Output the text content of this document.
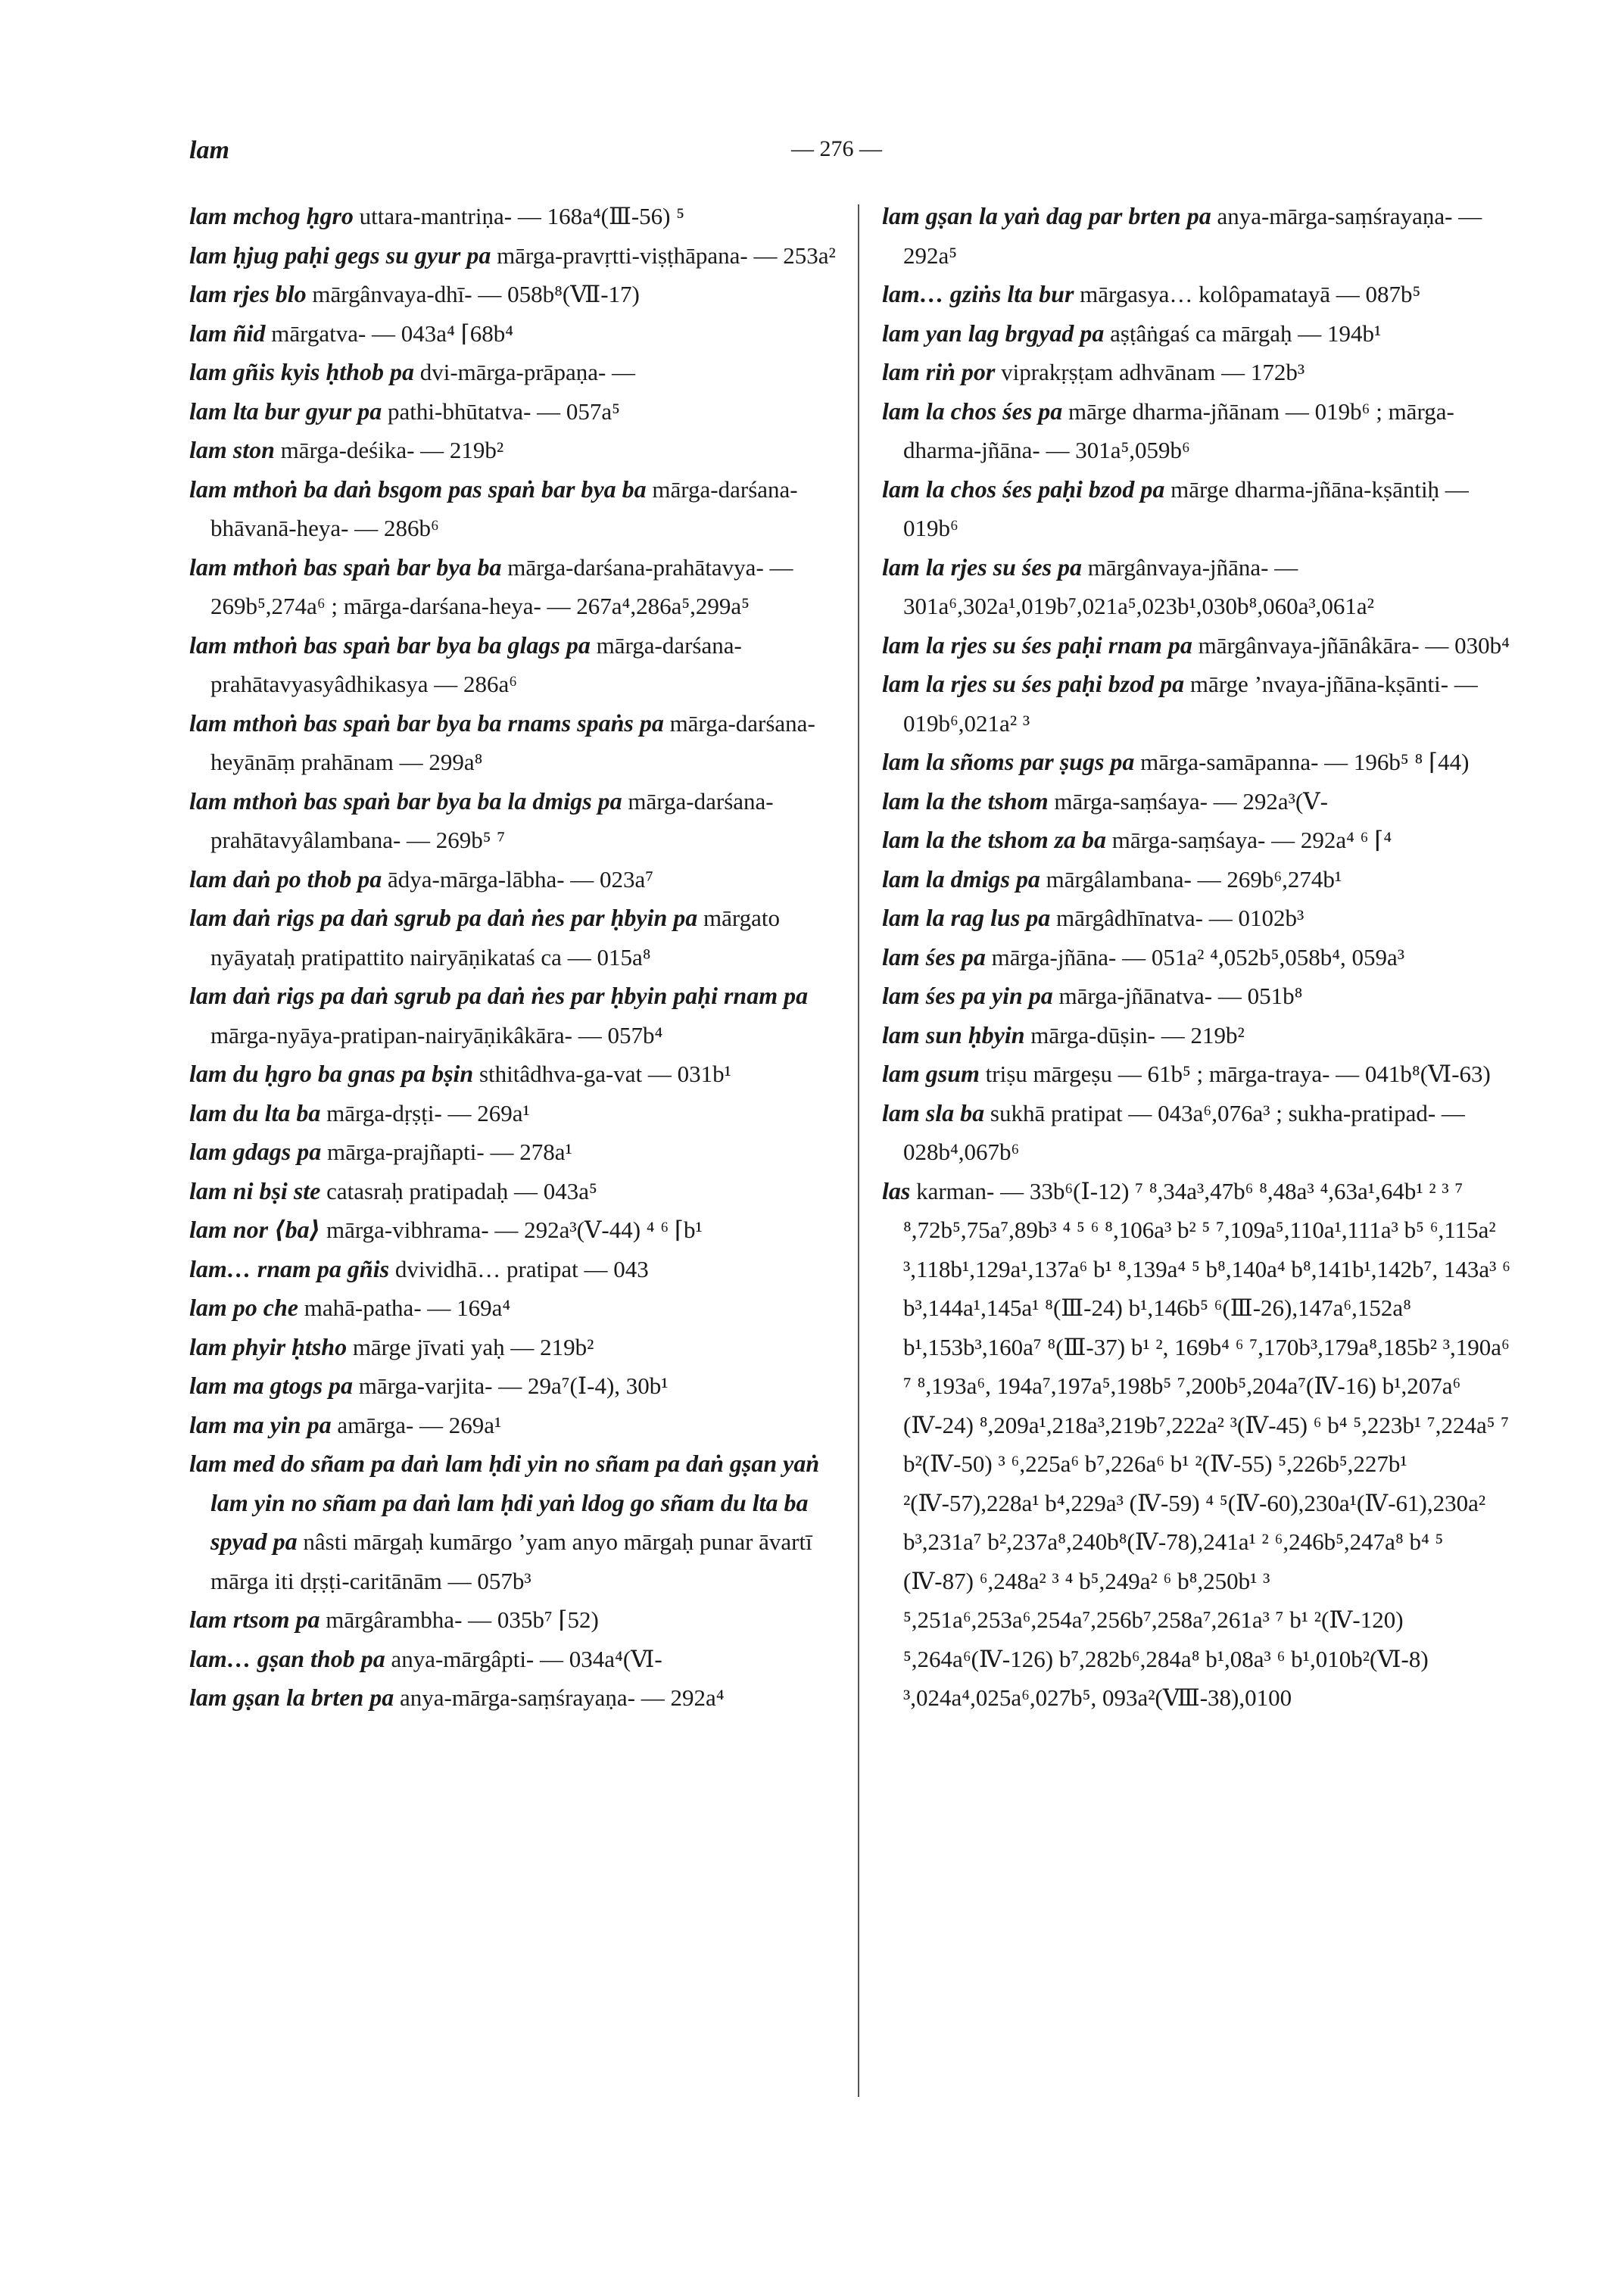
lam	— 276 —

lam mchog ḥgro uttara-mantriṇa- — 168a⁴(Ⅲ-56) ⁵

lam ḥjug paḥi gegs su gyur pa mārga-pravṛtti-viṣṭhāpana- — 253a²

lam rjes blo mārgânvaya-dhī- — 058b⁸(Ⅶ-17)

lam ñid mārgatva- — 043a⁴ ⌈68b⁴

lam gñis kyis ḥthob pa dvi-mārga-prāpaṇa- —

lam lta bur gyur pa pathi-bhūtatva- — 057a⁵

lam ston mārga-deśika- — 219b²

lam mthoṅ ba daṅ bsgom pas spaṅ bar bya ba mārga-darśana-bhāvanā-heya- — 286b⁶

lam mthoṅ bas spaṅ bar bya ba mārga-darśana-prahātavya- — 269b⁵,274a⁶ ; mārga-darśana-heya- — 267a⁴,286a⁵,299a⁵

lam mthoṅ bas spaṅ bar bya ba glags pa mārga-darśana-prahātavyasyâdhikasya — 286a⁶

lam mthoṅ bas spaṅ bar bya ba rnams spaṅs pa mārga-darśana-heyānāṃ prahānam — 299a⁸

lam mthoṅ bas spaṅ bar bya ba la dmigs pa mārga-darśana-prahātavyâlambana- — 269b⁵ ⁷

lam daṅ po thob pa ādya-mārga-lābha- — 023a⁷

lam daṅ rigs pa daṅ sgrub pa daṅ ṅes par ḥbyin pa mārgato nyāyataḥ pratipattito nairyāṇikataś ca — 015a⁸

lam daṅ rigs pa daṅ sgrub pa daṅ ṅes par ḥbyin paḥi rnam pa mārga-nyāya-pratipan-nairyāṇikâkāra- — 057b⁴

lam du ḥgro ba gnas pa bṣin sthitâdhva-ga-vat — 031b¹

lam du lta ba mārga-dṛṣṭi- — 269a¹

lam gdags pa mārga-prajñapti- — 278a¹

lam ni bṣi ste catasraḥ pratipadaḥ — 043a⁵

lam nor ⟨ba⟩ mārga-vibhrama- — 292a³(Ⅴ-44) ⁴ ⁶ ⌈b¹

lam… rnam pa gñis dvividhā… pratipat — 043

lam po che mahā-patha- — 169a⁴

lam phyir ḥtsho mārge jīvati yaḥ — 219b²

lam ma gtogs pa mārga-varjita- — 29a⁷(Ⅰ-4), 30b¹

lam ma yin pa amārga- — 269a¹

lam med do sñam pa daṅ lam ḥdi yin no sñam pa daṅ gṣan yaṅ lam yin no sñam pa daṅ lam ḥdi yaṅ ldog go sñam du lta ba spyad pa nâsti mārgaḥ kumārgo ’yam anyo mārgaḥ punar āvartī mārga iti dṛṣṭi-caritānām — 057b³

lam rtsom pa mārgârambha- — 035b⁷ ⌈52)

lam… gṣan thob pa anya-mārgâpti- — 034a⁴(Ⅵ-

lam gṣan la brten pa anya-mārga-saṃśrayaṇa- — 292a⁴

lam gṣan la yaṅ dag par brten pa anya-mārga-saṃśrayaṇa- — 292a⁵

lam… gziṅs lta bur mārgasya… kolôpamatayā — 087b⁵

lam yan lag brgyad pa aṣṭâṅgaś ca mārgaḥ — 194b¹

lam riṅ por viprakṛṣṭam adhvānam — 172b³

lam la chos śes pa mārge dharma-jñānam — 019b⁶ ; mārga-dharma-jñāna- — 301a⁵,059b⁶

lam la chos śes paḥi bzod pa mārge dharma-jñāna-kṣāntiḥ — 019b⁶

lam la rjes su śes pa mārgânvaya-jñāna- — 301a⁶,302a¹,019b⁷,021a⁵,023b¹,030b⁸,060a³,061a²

lam la rjes su śes paḥi rnam pa mārgânvaya-jñānâkāra- — 030b⁴

lam la rjes su śes paḥi bzod pa mārge ’nvaya-jñāna-kṣānti- — 019b⁶,021a² ³

lam la sñoms par ṣugs pa mārga-samāpanna- — 196b⁵ ⁸ ⌈44)

lam la the tshom mārga-saṃśaya- — 292a³(Ⅴ-

lam la the tshom za ba mārga-saṃśaya- — 292a⁴ ⁶ ⌈⁴

lam la dmigs pa mārgâlambana- — 269b⁶,274b¹

lam la rag lus pa mārgâdhīnatva- — 0102b³

lam śes pa mārga-jñāna- — 051a² ⁴,052b⁵,058b⁴, 059a³

lam śes pa yin pa mārga-jñānatva- — 051b⁸

lam sun ḥbyin mārga-dūṣin- — 219b²

lam gsum triṣu mārgeṣu — 61b⁵ ; mārga-traya- — 041b⁸(Ⅵ-63)

lam sla ba sukhā pratipat — 043a⁶,076a³ ; sukha-pratipad- — 028b⁴,067b⁶

las karman- — 33b⁶(Ⅰ-12) ⁷ ⁸,34a³,47b⁶ ⁸,48a³ ⁴,63a¹,64b¹ ² ³ ⁷ ⁸,72b⁵,75a⁷,89b³ ⁴ ⁵ ⁶ ⁸,106a³ b² ⁵ ⁷,109a⁵,110a¹,111a³ b⁵ ⁶,115a² ³,118b¹,129a¹,137a⁶ b¹ ⁸,139a⁴ ⁵ b⁸,140a⁴ b⁸,141b¹,142b⁷, 143a³ ⁶ b³,144a¹,145a¹ ⁸(Ⅲ-24) b¹,146b⁵ ⁶(Ⅲ-26),147a⁶,152a⁸ b¹,153b³,160a⁷ ⁸(Ⅲ-37) b¹ ², 169b⁴ ⁶ ⁷,170b³,179a⁸,185b² ³,190a⁶ ⁷ ⁸,193a⁶, 194a⁷,197a⁵,198b⁵ ⁷,200b⁵,204a⁷(Ⅳ-16) b¹,207a⁶ (Ⅳ-24) ⁸,209a¹,218a³,219b⁷,222a² ³(Ⅳ-45) ⁶ b⁴ ⁵,223b¹ ⁷,224a⁵ ⁷ b²(Ⅳ-50) ³ ⁶,225a⁶ b⁷,226a⁶ b¹ ²(Ⅳ-55) ⁵,226b⁵,227b¹ ²(Ⅳ-57),228a¹ b⁴,229a³ (Ⅳ-59) ⁴ ⁵(Ⅳ-60),230a¹(Ⅳ-61),230a² b³,231a⁷ b²,237a⁸,240b⁸(Ⅳ-78),241a¹ ² ⁶,246b⁵,247a⁸ b⁴ ⁵ (Ⅳ-87) ⁶,248a² ³ ⁴ b⁵,249a² ⁶ b⁸,250b¹ ³ ⁵,251a⁶,253a⁶,254a⁷,256b⁷,258a⁷,261a³ ⁷ b¹ ²(Ⅳ-120) ⁵,264a⁶(Ⅳ-126) b⁷,282b⁶,284a⁸ b¹,08a³ ⁶ b¹,010b²(Ⅵ-8) ³,024a⁴,025a⁶,027b⁵, 093a²(Ⅷ-38),0100
